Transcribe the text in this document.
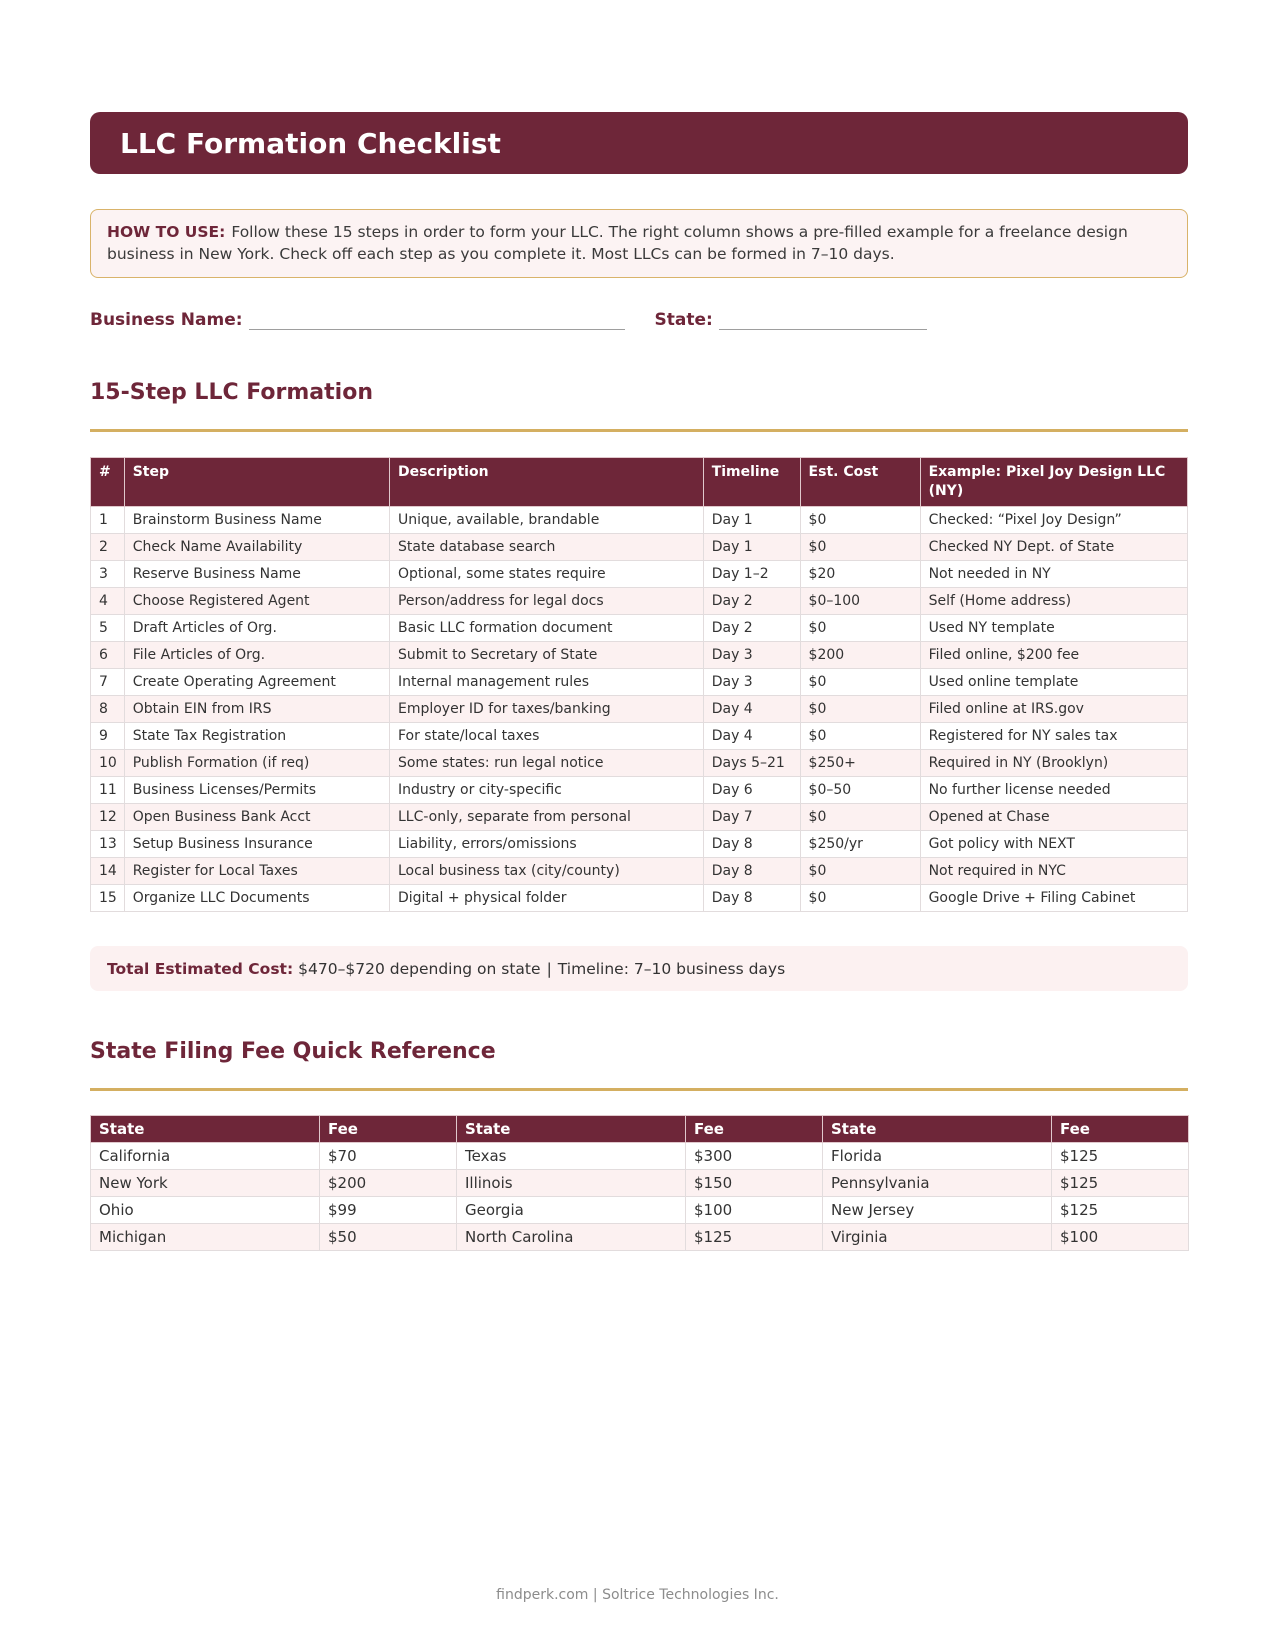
LLC Formation Checklist
HOW TO USE: Follow these 15 steps in order to form your LLC. The right column shows a pre-filled example for a freelance design business in New York. Check off each step as you complete it. Most LLCs can be formed in 7–10 days.
Business Name:	State:
15-Step LLC Formation
#	Step	Description	Timeline	Est. Cost	Example: Pixel Joy Design LLC (NY)
1	Brainstorm Business Name	Unique, available, brandable	Day 1	$0	Checked: “Pixel Joy Design”
2	Check Name Availability	State database search	Day 1	$0	Checked NY Dept. of State
3	Reserve Business Name	Optional, some states require	Day 1–2	$20	Not needed in NY
4	Choose Registered Agent	Person/address for legal docs	Day 2	$0–100	Self (Home address)
5	Draft Articles of Org.	Basic LLC formation document	Day 2	$0	Used NY template
6	File Articles of Org.	Submit to Secretary of State	Day 3	$200	Filed online, $200 fee
7	Create Operating Agreement	Internal management rules	Day 3	$0	Used online template
8	Obtain EIN from IRS	Employer ID for taxes/banking	Day 4	$0	Filed online at IRS.gov
9	State Tax Registration	For state/local taxes	Day 4	$0	Registered for NY sales tax
10	Publish Formation (if req)	Some states: run legal notice	Days 5–21	$250+	Required in NY (Brooklyn)
11	Business Licenses/Permits	Industry or city-specific	Day 6	$0–50	No further license needed
12	Open Business Bank Acct	LLC-only, separate from personal	Day 7	$0	Opened at Chase
13	Setup Business Insurance	Liability, errors/omissions	Day 8	$250/yr	Got policy with NEXT
14	Register for Local Taxes	Local business tax (city/county)	Day 8	$0	Not required in NYC
15	Organize LLC Documents	Digital + physical folder	Day 8	$0	Google Drive + Filing Cabinet
Total Estimated Cost: $470–$720 depending on state | Timeline: 7–10 business days
State Filing Fee Quick Reference
State	Fee	State	Fee	State	Fee
California	$70	Texas	$300	Florida	$125
New York	$200	Illinois	$150	Pennsylvania	$125
Ohio	$99	Georgia	$100	New Jersey	$125
Michigan	$50	North Carolina	$125	Virginia	$100
findperk.com | Soltrice Technologies Inc.
